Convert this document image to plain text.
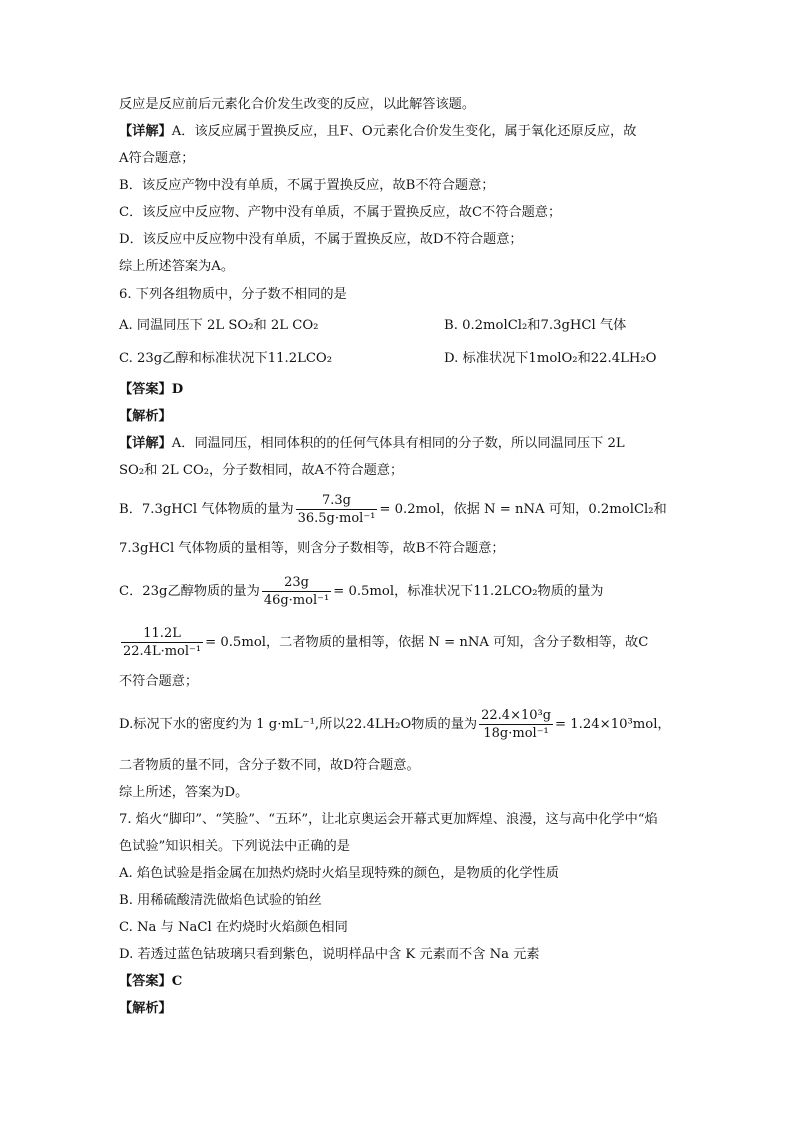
反应是反应前后元素化合价发生改变的反应，以此解答该题。
【详解】A．该反应属于置换反应，且F、O元素化合价发生变化，属于氧化还原反应，故
A符合题意；
B．该反应产物中没有单质，不属于置换反应，故B不符合题意；
C．该反应中反应物、产物中没有单质，不属于置换反应，故C不符合题意；
D．该反应中反应物中没有单质，不属于置换反应，故D不符合题意；
综上所述答案为A。
6. 下列各组物质中，分子数不相同的是
A. 同温同压下 2L SO₂和 2L CO₂	B. 0.2molCl₂和7.3gHCl 气体
C. 23g乙醇和标准状况下11.2LCO₂	D. 标准状况下1molO₂和22.4LH₂O
【答案】D
【解析】
【详解】A．同温同压，相同体积的的任何气体具有相同的分子数，所以同温同压下 2L
SO₂和 2L CO₂，分子数相同，故A不符合题意；
B．7.3gHCl 气体物质的量为 $\frac{7.3g}{\text{36.5g·mol⁻¹}} = 0.2mol$，依据 N = nNA 可知，0.2molCl₂和
7.3gHCl 气体物质的量相等，则含分子数相等，故B不符合题意；
C．23g乙醇物质的量为 $\frac{23g}{\text{46g·mol⁻¹}} = 0.5mol$，标准状况下11.2LCO₂物质的量为
$\frac{11.2L}{\text{22.4L·mol⁻¹}} = 0.5mol$，二者物质的量相等，依据 N = nNA 可知，含分子数相等，故C
不符合题意；
D.标况下水的密度约为 1 g·mL⁻¹,所以22.4LH₂O物质的量为 $\frac{\text{22.4×10³g}}{\text{18g·mol⁻¹}} = 1.24\times 10^3mol$，
二者物质的量不同，含分子数不同，故D符合题意。
综上所述，答案为D。
7. 焰火“脚印”、“笑脸”、“五环”，让北京奥运会开幕式更加辉煌、浪漫，这与高中化学中“焰
色试验”知识相关。下列说法中正确的是
A. 焰色试验是指金属在加热灼烧时火焰呈现特殊的颜色，是物质的化学性质
B. 用稀硫酸清洗做焰色试验的铂丝
C. Na 与 NaCl 在灼烧时火焰颜色相同
D. 若透过蓝色钴玻璃只看到紫色，说明样品中含 K 元素而不含 Na 元素
【答案】C
【解析】
